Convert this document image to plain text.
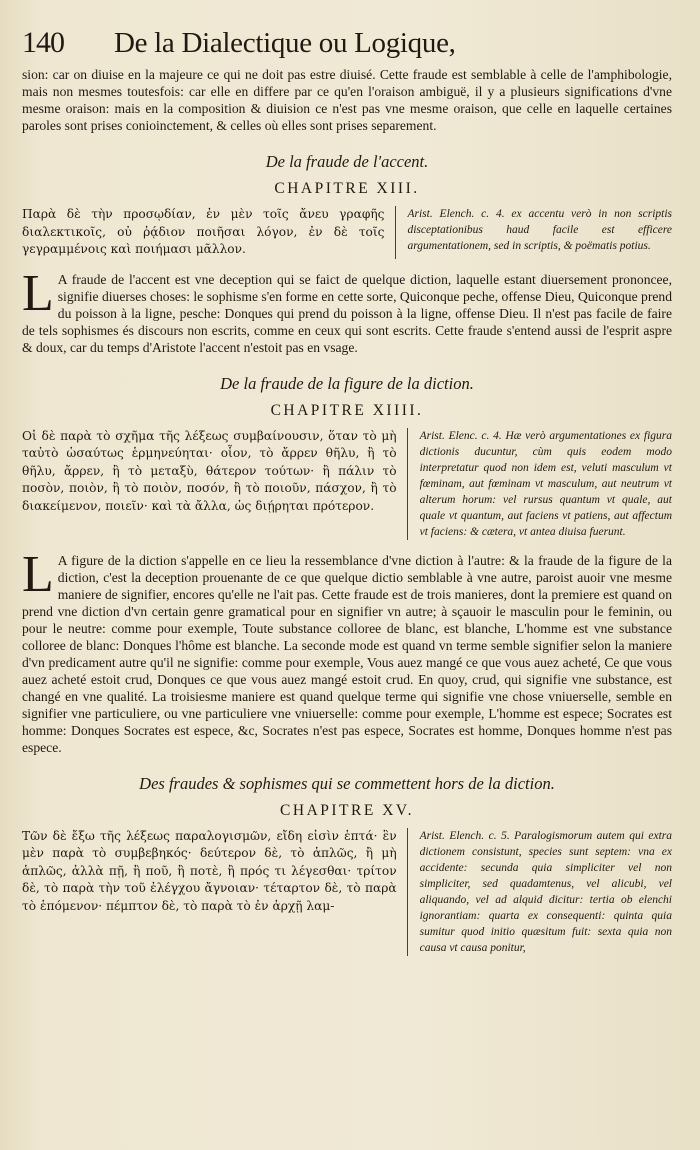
140	De la Dialectique ou Logique,

sion: car on diuise en la majeure ce qui ne doit pas estre diuisé. Cette fraude est semblable à celle de l'amphibologie, mais non mesmes toutesfois: car elle en differe par ce qu'en l'oraison ambiguë, il y a plusieurs significations d'vne mesme oraison: mais en la composition & diuision ce n'est pas vne mesme oraison, que celle en laquelle certaines paroles sont prises conioinctement, & celles où elles sont prises separement.

De la fraude de l'accent.
CHAPITRE XIII.

Παρὰ δὲ τὴν προσῳδίαν, ἐν μὲν τοῖς ἄνευ γραφῆς διαλεκτικοῖς, οὐ ῥᾴδιον ποιῆσαι λόγον, ἐν δὲ τοῖς γεγραμμένοις καὶ ποιήμασι μᾶλλον.

Arist. Elench. c. 4. ex accentu verò in non scriptis disceptationibus haud facile est efficere argumentationem, sed in scriptis, & poëmatis potius.

L A fraude de l'accent est vne deception qui se faict de quelque diction, laquelle estant diuersement prononcee, signifie diuerses choses: le sophisme s'en forme en cette sorte, Quiconque peche, offense Dieu, Quiconque prend du poisson à la ligne, pesche: Donques qui prend du poisson à la ligne, offense Dieu. Il n'est pas facile de faire de tels sophismes és discours non escrits, comme en ceux qui sont escrits. Cette fraude s'entend aussi de l'esprit aspre & doux, car du temps d'Aristote l'accent n'estoit pas en vsage.

De la fraude de la figure de la diction.
CHAPITRE XIIII.

Οἱ δὲ παρὰ τὸ σχῆμα τῆς λέξεως συμβαίνουσιν, ὅταν τὸ μὴ ταὐτὸ ὡσαύτως ἑρμηνεύηται· οἷον, τὸ ἄρρεν θῆλυ, ἢ τὸ θῆλυ, ἄρρεν, ἢ τὸ μεταξὺ, θάτερον τούτων· ἢ πάλιν τὸ ποσὸν, ποιὸν, ἢ τὸ ποιὸν, ποσόν, ἢ τὸ ποιοῦν, πάσχον, ἢ τὸ διακείμενον, ποιεῖν· καὶ τὰ ἄλλα, ὡς διῄρηται πρότερον.

Arist. Elenc. c. 4. Hæ verò argumentationes ex figura dictionis ducuntur, cùm quis eodem modo interpretatur quod non idem est, veluti masculum vt fœminam, aut fœminam vt masculum, aut neutrum vt alterum horum: vel rursus quantum vt quale, aut quale vt quantum, aut faciens vt patiens, aut affectum vt faciens: & cætera, vt antea diuisa fuerunt.

L A figure de la diction s'appelle en ce lieu la ressemblance d'vne diction à l'autre: & la fraude de la figure de la diction, c'est la deception prouenante de ce que quelque dictio semblable à vne autre, paroist auoir vne mesme maniere de signifier, encores qu'elle ne l'ait pas. Cette fraude est de trois manieres, dont la premiere est quand on prend vne diction d'vn certain genre gramatical pour en signifier vn autre; à sçauoir le masculin pour le feminin, ou pour le neutre: comme pour exemple, Toute substance colloree de blanc, est blanche, L'homme est vne substance colloree de blanc: Donques l'hôme est blanche. La seconde mode est quand vn terme semble signifier selon la maniere d'vn predicament autre qu'il ne signifie: comme pour exemple, Vous auez mangé ce que vous auez acheté, Ce que vous auez acheté estoit crud, Donques ce que vous auez mangé estoit crud. En quoy, crud, qui signifie vne substance, est changé en vne qualité. La troisiesme maniere est quand quelque terme qui signifie vne chose vniuerselle, semble en signifier vne particuliere, ou vne particuliere vne vniuerselle: comme pour exemple, L'homme est espece; Socrates est homme: Donques Socrates est espece, &c, Socrates n'est pas espece, Socrates est homme, Donques homme n'est pas espece.

Des fraudes & sophismes qui se commettent hors de la diction.
CHAPITRE XV.

Τῶν δὲ ἔξω τῆς λέξεως παραλογισμῶν, εἴδη εἰσὶν ἑπτά· ἓν μὲν παρὰ τὸ συμβεβηκός· δεύτερον δὲ, τὸ ἁπλῶς, ἢ μὴ ἁπλῶς, ἀλλὰ πῇ, ἢ ποῦ, ἢ ποτὲ, ἢ πρός τι λέγεσθαι· τρίτον δὲ, τὸ παρὰ τὴν τοῦ ἐλέγχου ἄγνοιαν· τέταρτον δὲ, τὸ παρὰ τὸ ἑπόμενον· πέμπτον δὲ, τὸ παρὰ τὸ ἐν ἀρχῇ λαμ-

Arist. Elench. c. 5. Paralogismorum autem qui extra dictionem consistunt, species sunt septem: vna ex accidente: secunda quia simpliciter vel non simpliciter, sed quadamtenus, vel alicubi, vel aliquando, vel ad alquid dicitur: tertia ob elenchi ignorantiam: quarta ex consequenti: quinta quia sumitur quod initio quæsitum fuit: sexta quia non causa vt causa ponitur,
